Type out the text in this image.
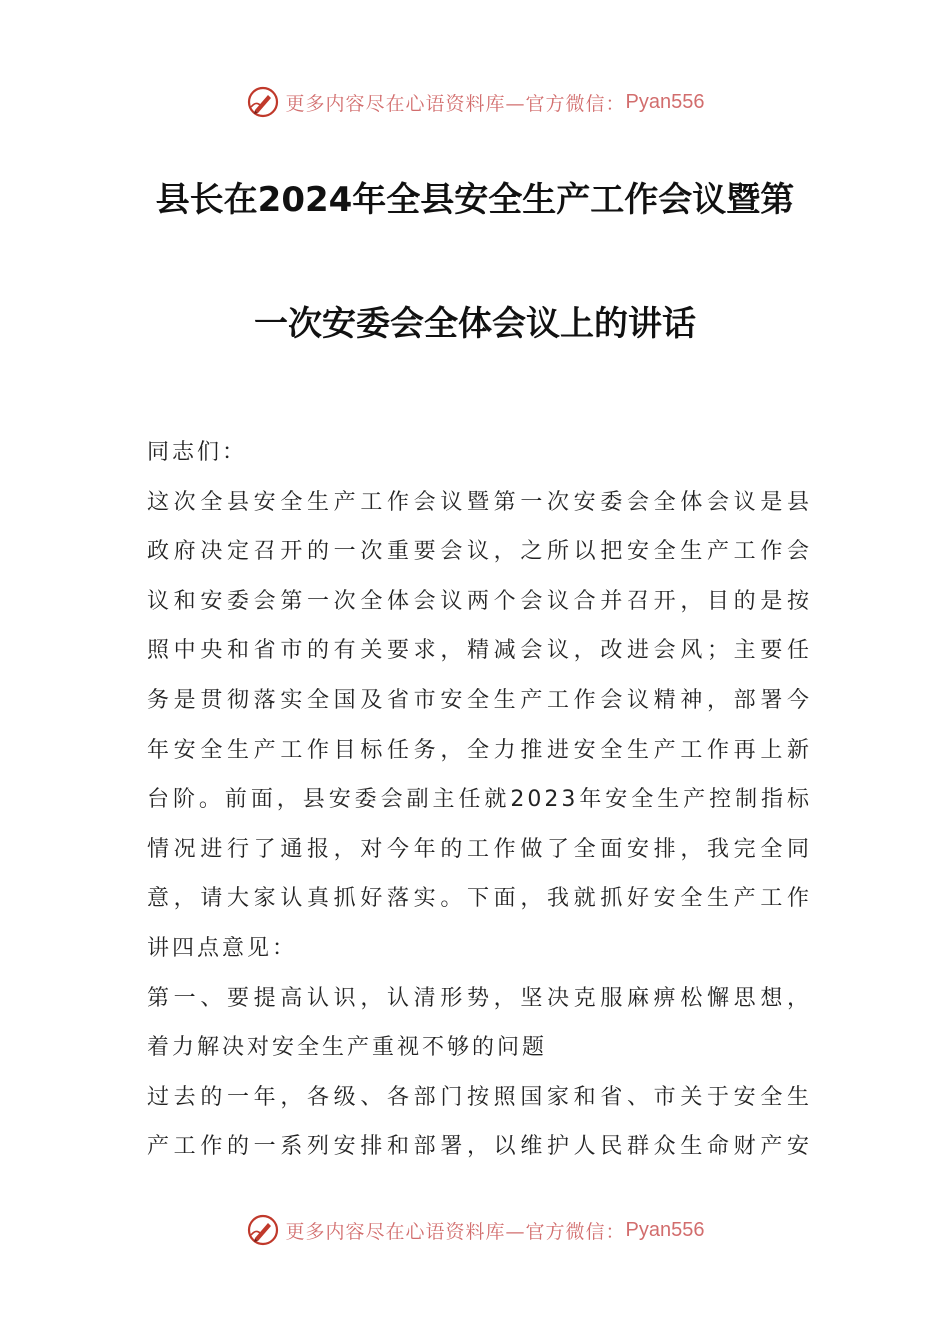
更多内容尽在心语资料库—官方微信： Pyan556
县长在2024年全县安全生产工作会议暨第
一次安委会全体会议上的讲话
同志们：
这次全县安全生产工作会议暨第一次安委会全体会议是县
政府决定召开的一次重要会议，之所以把安全生产工作会
议和安委会第一次全体会议两个会议合并召开，目的是按
照中央和省市的有关要求，精减会议，改进会风；主要任
务是贯彻落实全国及省市安全生产工作会议精神，部署今
年安全生产工作目标任务，全力推进安全生产工作再上新
台阶。前面，县安委会副主任就2023年安全生产控制指标
情况进行了通报，对今年的工作做了全面安排，我完全同
意，请大家认真抓好落实。下面，我就抓好安全生产工作
讲四点意见：
第一、要提高认识，认清形势，坚决克服麻痹松懈思想，
着力解决对安全生产重视不够的问题
过去的一年，各级、各部门按照国家和省、市关于安全生
产工作的一系列安排和部署，以维护人民群众生命财产安
更多内容尽在心语资料库—官方微信： Pyan556
